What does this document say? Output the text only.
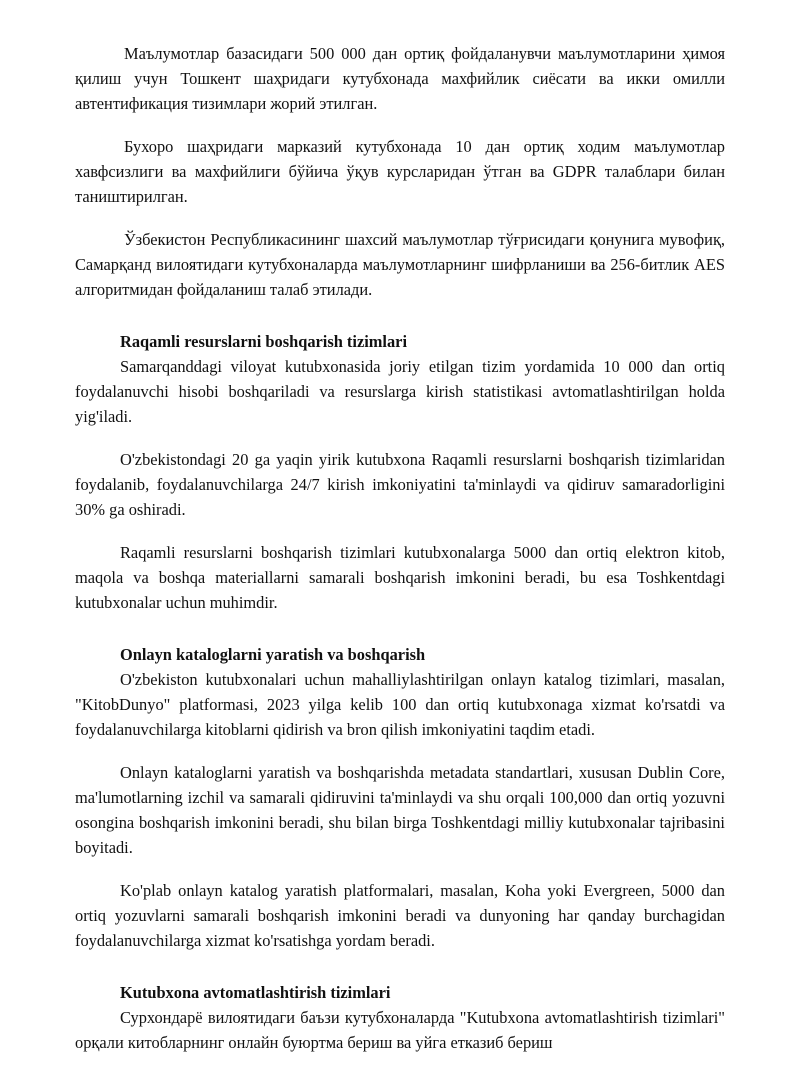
Маълумотлар базасидаги 500 000 дан ортиқ фойдаланувчи маълумотларини ҳимоя қилиш учун Тошкент шаҳридаги кутубхонада махфийлик сиёсати ва икки омилли автентификация тизимлари жорий этилган.

Бухоро шаҳридаги марказий кутубхонада 10 дан ортиқ ходим маълумотлар хавфсизлиги ва махфийлиги бўйича ўқув курсларидан ўтган ва GDPR талаблари билан таништирилган.

Ўзбекистон Республикасининг шахсий маълумотлар тўғрисидаги қонунига мувофиқ, Самарқанд вилоятидаги кутубхоналарда маълумотларнинг шифрланиши ва 256-битлик AES алгоритмидан фойдаланиш талаб этилади.

Raqamli resurslarni boshqarish tizimlari

Samarqanddagi viloyat kutubxonasida joriy etilgan tizim yordamida 10 000 dan ortiq foydalanuvchi hisobi boshqariladi va resurslarga kirish statistikasi avtomatlashtirilgan holda yig'iladi.

O'zbekistondagi 20 ga yaqin yirik kutubxona Raqamli resurslarni boshqarish tizimlaridan foydalanib, foydalanuvchilarga 24/7 kirish imkoniyatini ta'minlaydi va qidiruv samaradorligini 30% ga oshiradi.

Raqamli resurslarni boshqarish tizimlari kutubxonalarga 5000 dan ortiq elektron kitob, maqola va boshqa materiallarni samarali boshqarish imkonini beradi, bu esa Toshkentdagi kutubxonalar uchun muhimdir.

Onlayn kataloglarni yaratish va boshqarish

O'zbekiston kutubxonalari uchun mahalliylashtirilgan onlayn katalog tizimlari, masalan, "KitobDunyo" platformasi, 2023 yilga kelib 100 dan ortiq kutubxonaga xizmat ko'rsatdi va foydalanuvchilarga kitoblarni qidirish va bron qilish imkoniyatini taqdim etadi.

Onlayn kataloglarni yaratish va boshqarishda metadata standartlari, xususan Dublin Core, ma'lumotlarning izchil va samarali qidiruvini ta'minlaydi va shu orqali 100,000 dan ortiq yozuvni osongina boshqarish imkonini beradi, shu bilan birga Toshkentdagi milliy kutubxonalar tajribasini boyitadi.

Ko'plab onlayn katalog yaratish platformalari, masalan, Koha yoki Evergreen, 5000 dan ortiq yozuvlarni samarali boshqarish imkonini beradi va dunyoning har qanday burchagidan foydalanuvchilarga xizmat ko'rsatishga yordam beradi.

Kutubxona avtomatlashtirish tizimlari

Сурхондарё вилоятидаги баъзи кутубхоналарда "Kutubxona avtomatlashtirish tizimlari" орқали китобларнинг онлайн буюртма бериш ва уйга етказиб бериш
